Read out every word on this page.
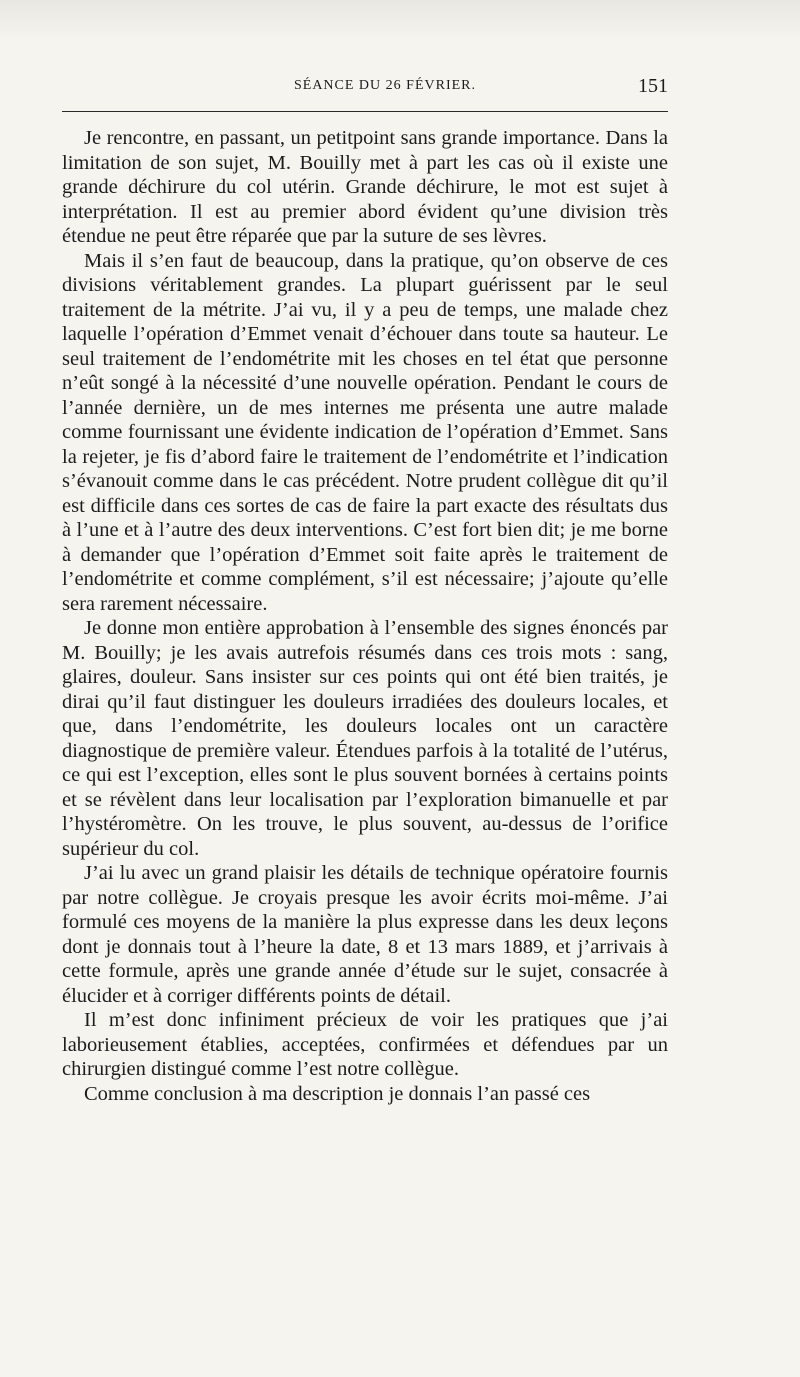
SÉANCE DU 26 FÉVRIER.	151

Je rencontre, en passant, un petitpoint sans grande importance. Dans la limitation de son sujet, M. Bouilly met à part les cas où il existe une grande déchirure du col utérin. Grande déchirure, le mot est sujet à interprétation. Il est au premier abord évident qu’une division très étendue ne peut être réparée que par la suture de ses lèvres.

Mais il s’en faut de beaucoup, dans la pratique, qu’on observe de ces divisions véritablement grandes. La plupart guérissent par le seul traitement de la métrite. J’ai vu, il y a peu de temps, une malade chez laquelle l’opération d’Emmet venait d’échouer dans toute sa hauteur. Le seul traitement de l’endométrite mit les choses en tel état que personne n’eût songé à la nécessité d’une nouvelle opération. Pendant le cours de l’année dernière, un de mes internes me présenta une autre malade comme fournissant une évidente indication de l’opération d’Emmet. Sans la rejeter, je fis d’abord faire le traitement de l’endométrite et l’indication s’évanouit comme dans le cas précédent. Notre prudent collègue dit qu’il est difficile dans ces sortes de cas de faire la part exacte des résultats dus à l’une et à l’autre des deux interventions. C’est fort bien dit; je me borne à demander que l’opération d’Emmet soit faite après le traitement de l’endométrite et comme complément, s’il est nécessaire; j’ajoute qu’elle sera rarement nécessaire.

Je donne mon entière approbation à l’ensemble des signes énoncés par M. Bouilly; je les avais autrefois résumés dans ces trois mots : sang, glaires, douleur. Sans insister sur ces points qui ont été bien traités, je dirai qu’il faut distinguer les douleurs irradiées des douleurs locales, et que, dans l’endométrite, les douleurs locales ont un caractère diagnostique de première valeur. Étendues parfois à la totalité de l’utérus, ce qui est l’exception, elles sont le plus souvent bornées à certains points et se révèlent dans leur localisation par l’exploration bimanuelle et par l’hystéromètre. On les trouve, le plus souvent, au-dessus de l’orifice supérieur du col.

J’ai lu avec un grand plaisir les détails de technique opératoire fournis par notre collègue. Je croyais presque les avoir écrits moi-même. J’ai formulé ces moyens de la manière la plus expresse dans les deux leçons dont je donnais tout à l’heure la date, 8 et 13 mars 1889, et j’arrivais à cette formule, après une grande année d’étude sur le sujet, consacrée à élucider et à corriger différents points de détail.

Il m’est donc infiniment précieux de voir les pratiques que j’ai laborieusement établies, acceptées, confirmées et défendues par un chirurgien distingué comme l’est notre collègue.

Comme conclusion à ma description je donnais l’an passé ces
